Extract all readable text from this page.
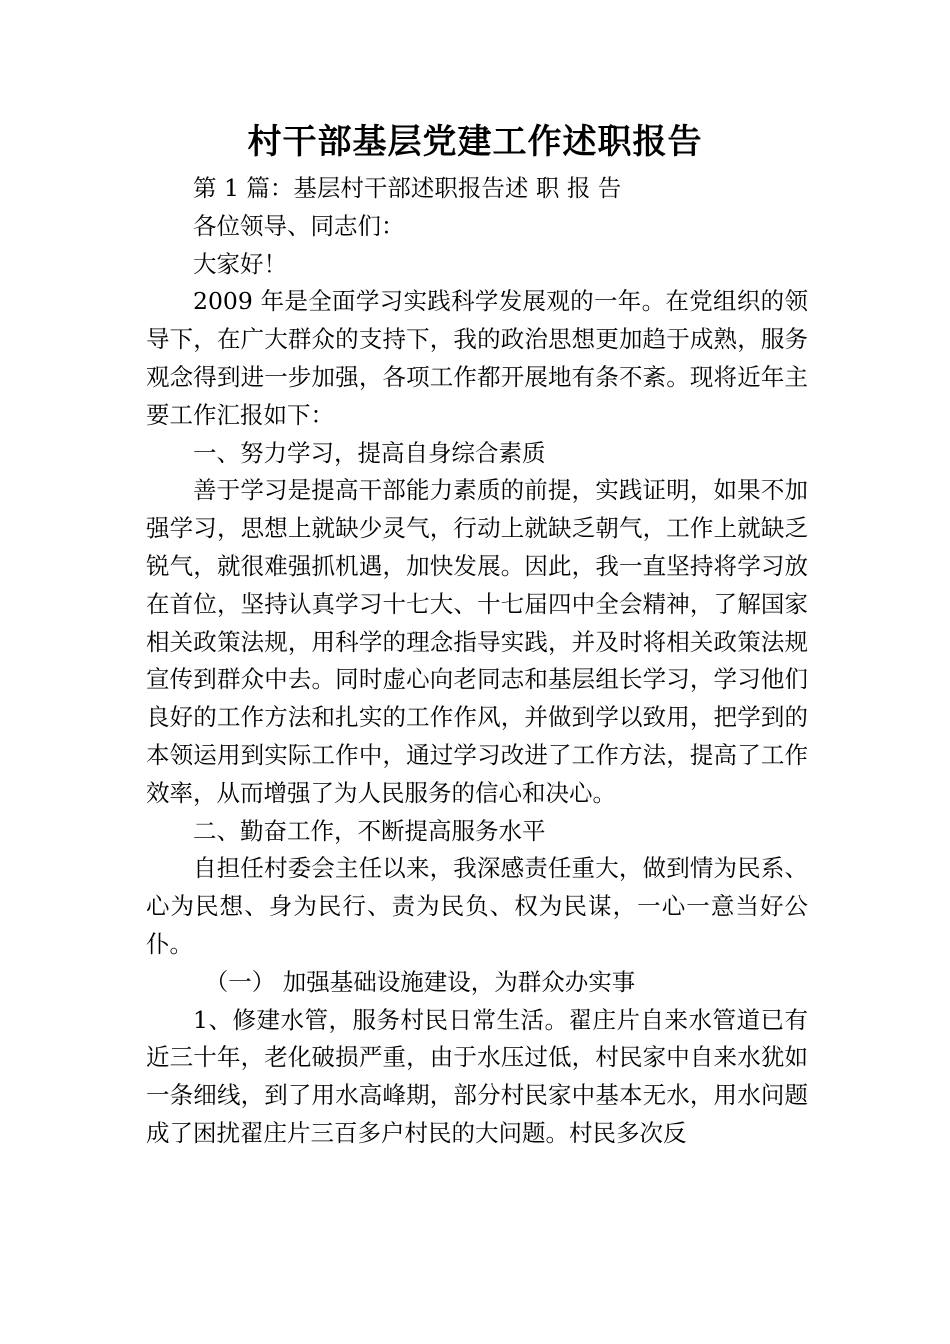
村干部基层党建工作述职报告

第 1 篇：基层村干部述职报告述 职 报 告

各位领导、同志们：

大家好！

2009 年是全面学习实践科学发展观的一年。在党组织的领导下，在广大群众的支持下，我的政治思想更加趋于成熟，服务观念得到进一步加强，各项工作都开展地有条不紊。现将近年主要工作汇报如下：

一、努力学习，提高自身综合素质

善于学习是提高干部能力素质的前提，实践证明，如果不加强学习，思想上就缺少灵气，行动上就缺乏朝气，工作上就缺乏锐气，就很难强抓机遇，加快发展。因此，我一直坚持将学习放在首位，坚持认真学习十七大、十七届四中全会精神，了解国家相关政策法规，用科学的理念指导实践，并及时将相关政策法规宣传到群众中去。同时虚心向老同志和基层组长学习，学习他们良好的工作方法和扎实的工作作风，并做到学以致用，把学到的本领运用到实际工作中，通过学习改进了工作方法，提高了工作效率，从而增强了为人民服务的信心和决心。

二、勤奋工作，不断提高服务水平

自担任村委会主任以来，我深感责任重大，做到情为民系、心为民想、身为民行、责为民负、权为民谋，一心一意当好公仆。

（一） 加强基础设施建设，为群众办实事

1、修建水管，服务村民日常生活。翟庄片自来水管道已有近三十年，老化破损严重，由于水压过低，村民家中自来水犹如一条细线，到了用水高峰期，部分村民家中基本无水，用水问题成了困扰翟庄片三百多户村民的大问题。村民多次反
